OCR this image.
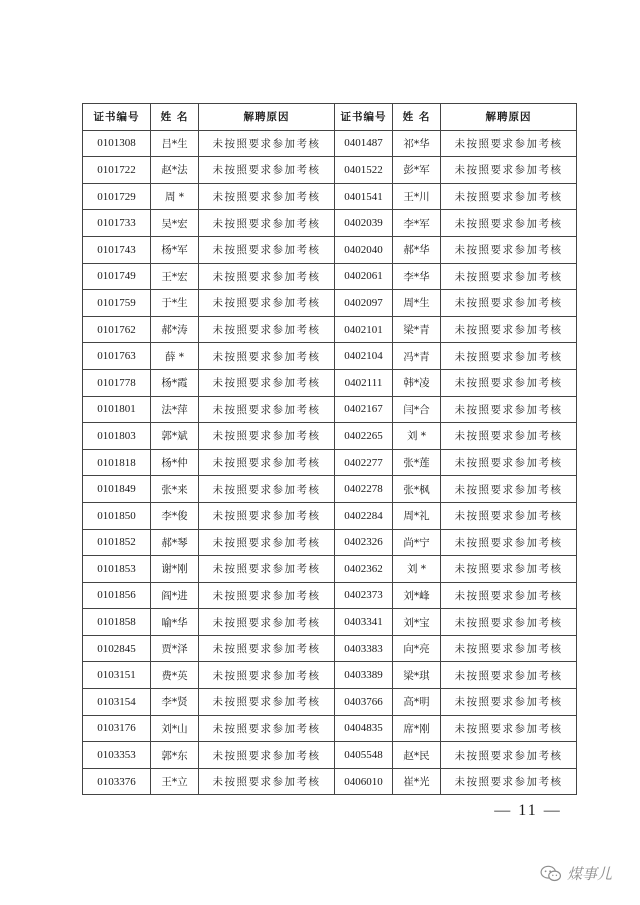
证书编号	姓 名	解聘原因	证书编号	姓 名	解聘原因
0101308	吕*生	未按照要求参加考核	0401487	祁*华	未按照要求参加考核
0101722	赵*法	未按照要求参加考核	0401522	彭*军	未按照要求参加考核
0101729	周 *	未按照要求参加考核	0401541	王*川	未按照要求参加考核
0101733	吴*宏	未按照要求参加考核	0402039	李*军	未按照要求参加考核
0101743	杨*军	未按照要求参加考核	0402040	郝*华	未按照要求参加考核
0101749	王*宏	未按照要求参加考核	0402061	李*华	未按照要求参加考核
0101759	于*生	未按照要求参加考核	0402097	周*生	未按照要求参加考核
0101762	郝*涛	未按照要求参加考核	0402101	梁*青	未按照要求参加考核
0101763	薛 *	未按照要求参加考核	0402104	冯*青	未按照要求参加考核
0101778	杨*霞	未按照要求参加考核	0402111	韩*凌	未按照要求参加考核
0101801	法*萍	未按照要求参加考核	0402167	闫*合	未按照要求参加考核
0101803	郭*斌	未按照要求参加考核	0402265	刘 *	未按照要求参加考核
0101818	杨*仲	未按照要求参加考核	0402277	张*莲	未按照要求参加考核
0101849	张*来	未按照要求参加考核	0402278	张*枫	未按照要求参加考核
0101850	李*俊	未按照要求参加考核	0402284	周*礼	未按照要求参加考核
0101852	郝*琴	未按照要求参加考核	0402326	尚*宁	未按照要求参加考核
0101853	谢*刚	未按照要求参加考核	0402362	刘 *	未按照要求参加考核
0101856	阎*进	未按照要求参加考核	0402373	刘*峰	未按照要求参加考核
0101858	喻*华	未按照要求参加考核	0403341	刘*宝	未按照要求参加考核
0102845	贾*泽	未按照要求参加考核	0403383	向*亮	未按照要求参加考核
0103151	费*英	未按照要求参加考核	0403389	梁*琪	未按照要求参加考核
0103154	李*贤	未按照要求参加考核	0403766	高*明	未按照要求参加考核
0103176	刘*山	未按照要求参加考核	0404835	席*刚	未按照要求参加考核
0103353	郭*东	未按照要求参加考核	0405548	赵*民	未按照要求参加考核
0103376	王*立	未按照要求参加考核	0406010	崔*光	未按照要求参加考核
— 11 —
煤事儿
